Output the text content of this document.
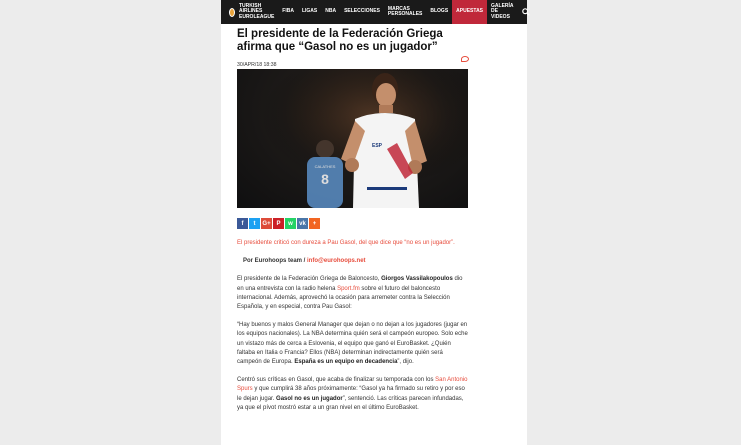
TURKISH AIRLINES
EUROLEAGUE
FIBA	LIGAS	NBA	SELECCIONES	MARCAS
PERSONALES	BLOGS	APUESTAS
GALERÍA
DE VIDEOS
El presidente de la Federación Griega afirma que “Gasol no es un jugador”
30/APR/18 18:38
8
CALATHES
ESP
f	t	G+ P	w	vk	+

El presidente criticó con dureza a Pau Gasol, del que dice que “no es un jugador”.

Por Eurohoops team / info@eurohoops.net

El presidente de la Federación Griega de Baloncesto, Giorgos Vassilakopoulos dio en una entrevista con la radio helena Sport.fm sobre el futuro del baloncesto internacional. Además, aprovechó la ocasión para arremeter contra la Selección Española, y en especial, contra Pau Gasol:

“Hay buenos y malos General Manager que dejan o no dejan a los jugadores (jugar en los equipos nacionales). La NBA determina quién será el campeón europeo. Solo eche un vistazo más de cerca a Eslovenia, el equipo que ganó el EuroBasket. ¿Quién faltaba en Italia o Francia? Ellos (NBA) determinan indirectamente quién será campeón de Europa. España es un equipo en decadencia”, dijo.

Centró sus críticas en Gasol, que acaba de finalizar su temporada con los San Antonio Spurs y que cumplirá 38 años próximamente: “Gasol ya ha firmado su retiro y por eso le dejan jugar. Gasol no es un jugador”, sentenció. Las críticas parecen infundadas, ya que el pívot mostró estar a un gran nivel en el último EuroBasket.
